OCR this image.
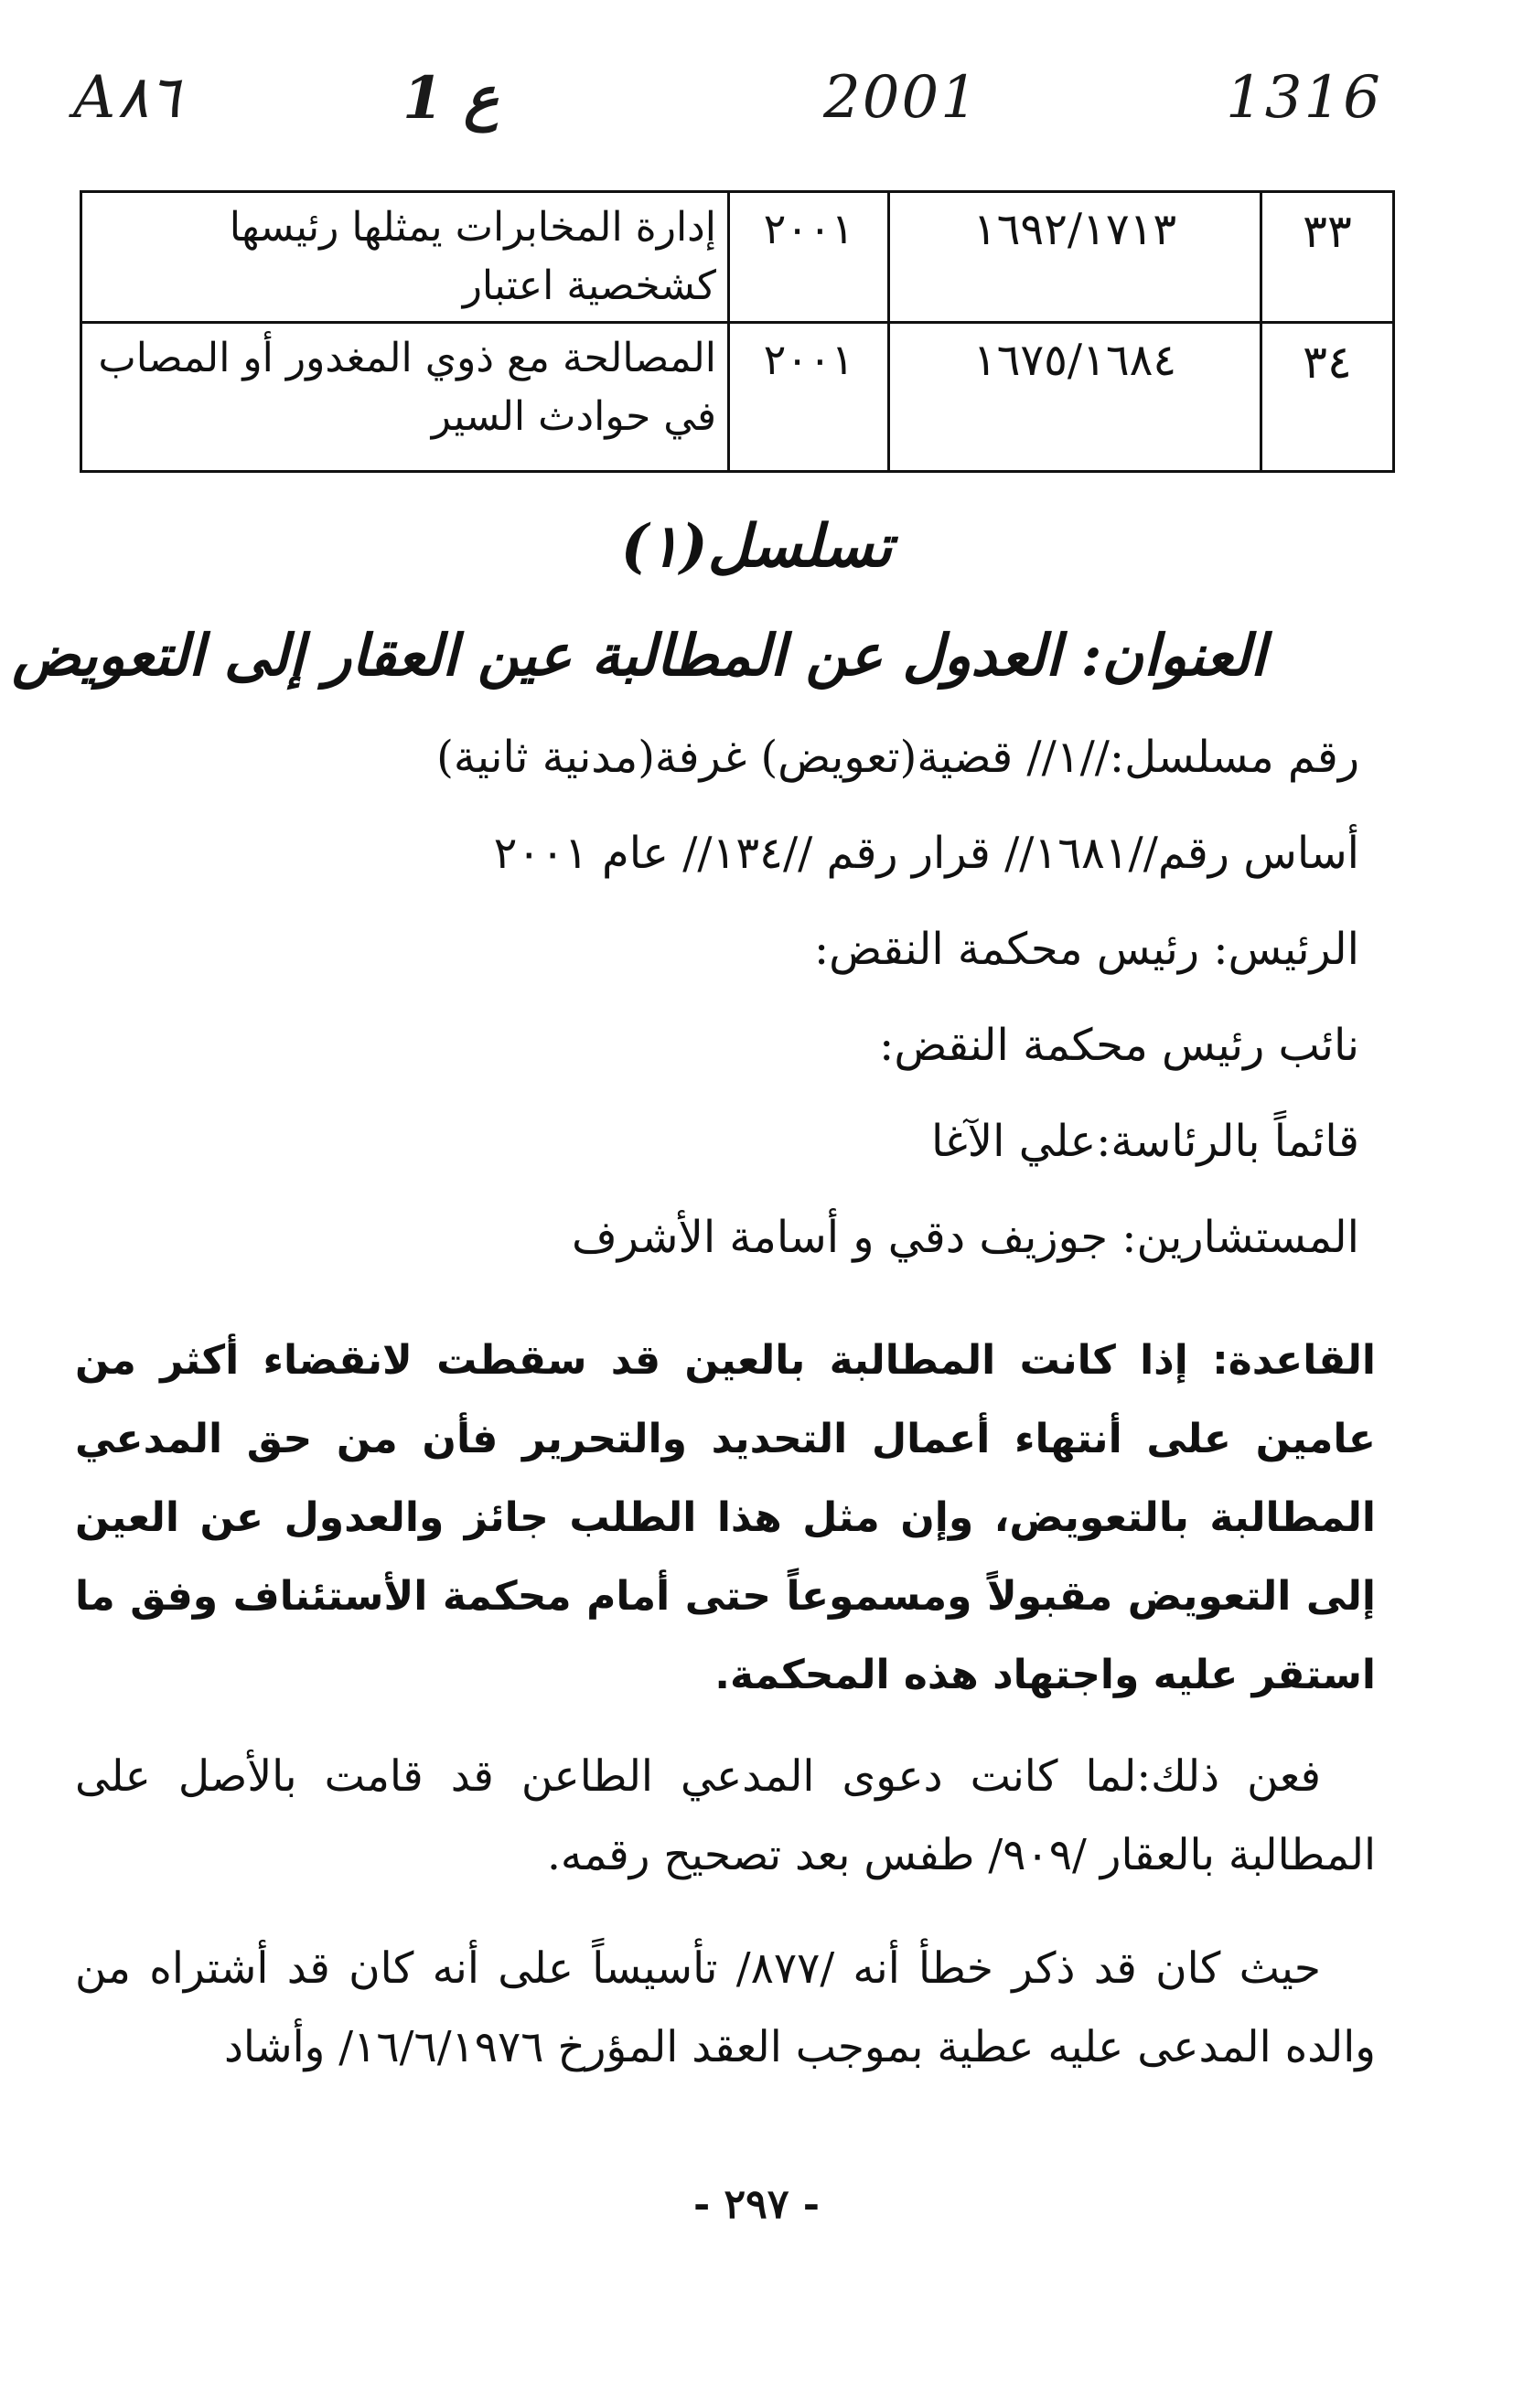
A٨٦	1 ع	2001	1316
٣٣	١٦٩٢/١٧١٣	٢٠٠١	إدارة المخابرات يمثلها رئيسها كشخصية اعتبار
٣٤	١٦٧٥/١٦٨٤	٢٠٠١	المصالحة مع ذوي المغدور أو المصاب في حوادث السير
تسلسل(١)
العنوان: العدول عن المطالبة عين العقار إلى التعويض
رقم مسلسل://١// قضية(تعويض) غرفة(مدنية ثانية)
أساس رقم//١٦٨١// قرار رقم //١٣٤// عام ٢٠٠١
الرئيس: رئيس محكمة النقض:
نائب رئيس محكمة النقض:
قائماً بالرئاسة:علي الآغا
المستشارين: جوزيف دقي و أسامة الأشرف
القاعدة: إذا كانت المطالبة بالعين قد سقطت لانقضاء أكثر من عامين على أنتهاء أعمال التحديد والتحرير فأن من حق المدعي المطالبة بالتعويض، وإن مثل هذا الطلب جائز والعدول عن العين إلى التعويض مقبولاً ومسموعاً حتى أمام محكمة الأستئناف وفق ما استقر عليه واجتهاد هذه المحكمة.
فعن ذلك:لما كانت دعوى المدعي الطاعن قد قامت بالأصل على المطالبة بالعقار /٩٠٩/ طفس بعد تصحيح رقمه.
حيث كان قد ذكر خطأ أنه /٨٧٧/ تأسيساً على أنه كان قد أشتراه من والده المدعى عليه عطية بموجب العقد المؤرخ ١٦/٦/١٩٧٦/ وأشاد
- ٢٩٧ -
